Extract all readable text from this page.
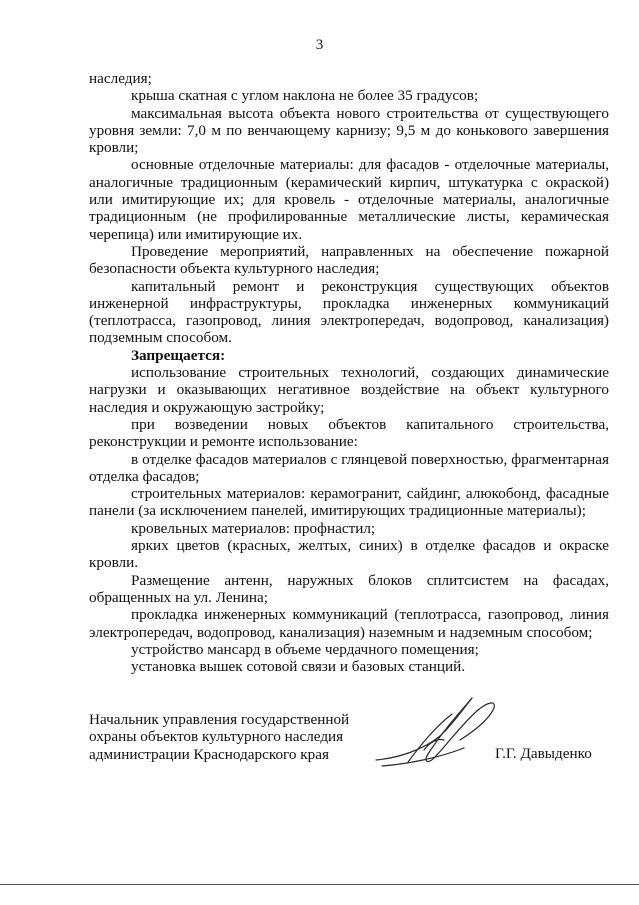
3

наследия;

крыша скатная с углом наклона не более 35 градусов;

максимальная высота объекта нового строительства от существующего уровня земли: 7,0 м по венчающему карнизу; 9,5 м до конькового завершения кровли;

основные отделочные материалы: для фасадов - отделочные материалы, аналогичные традиционным (керамический кирпич, штукатурка с окраской) или имитирующие их; для кровель - отделочные материалы, аналогичные традиционным (не профилированные металлические листы, керамическая черепица) или имитирующие их.

Проведение мероприятий, направленных на обеспечение пожарной безопасности объекта культурного наследия;

капитальный ремонт и реконструкция существующих объектов инженерной инфраструктуры, прокладка инженерных коммуникаций (теплотрасса, газопровод, линия электропередач, водопровод, канализация) подземным способом.

Запрещается:

использование строительных технологий, создающих динамические нагрузки и оказывающих негативное воздействие на объект культурного наследия и окружающую застройку;

при возведении новых объектов капитального строительства, реконструкции и ремонте использование:

в отделке фасадов материалов с глянцевой поверхностью, фрагментарная отделка фасадов;

строительных материалов: керамогранит, сайдинг, алюкобонд, фасадные панели (за исключением панелей, имитирующих традиционные материалы);

кровельных материалов: профнастил;

ярких цветов (красных, желтых, синих) в отделке фасадов и окраске кровли.

Размещение антенн, наружных блоков сплитсистем на фасадах, обращенных на ул. Ленина;

прокладка инженерных коммуникаций (теплотрасса, газопровод, линия электропередач, водопровод, канализация) наземным и надземным способом;

устройство мансард в объеме чердачного помещения;

установка вышек сотовой связи и базовых станций.

Начальник управления государственной
охраны объектов культурного наследия
администрации Краснодарского края	Г.Г. Давыденко
